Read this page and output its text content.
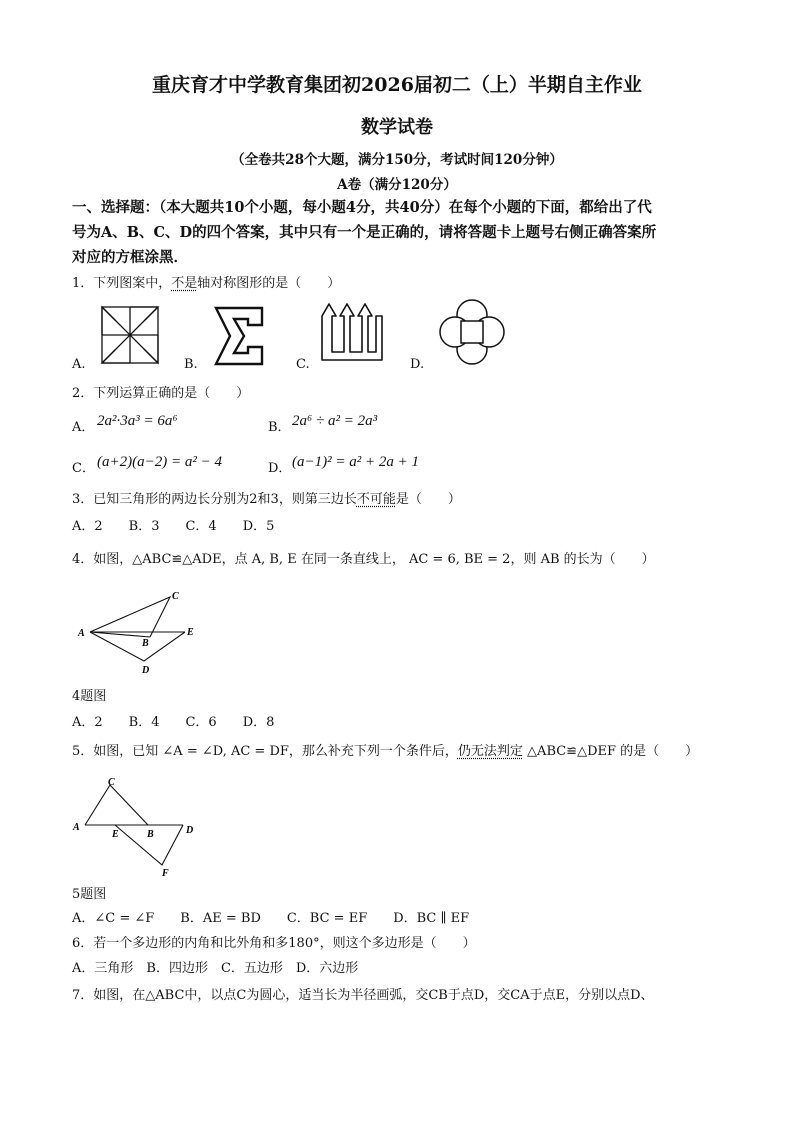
重庆育才中学教育集团初2026届初二（上）半期自主作业
数学试卷
（全卷共28个大题，满分150分，考试时间120分钟）
A卷（满分120分）
一、选择题：（本大题共10个小题，每小题4分，共40分）在每个小题的下面，都给出了代
号为A、B、C、D的四个答案，其中只有一个是正确的，请将答题卡上题号右侧正确答案所
对应的方框涂黑．
1．下列图案中，不是轴对称图形的是（　　）
A.	B.	C.	D.
2．下列运算正确的是（　　）
A． 2a²·3a³ = 6a⁶	B． 2a⁶ ÷ a² = 2a³
C． (a+2)(a−2) = a² − 4	D． (a−1)² = a² + 2a + 1
3．已知三角形的两边长分别为2和3，则第三边长不可能是（　　）
A．2　　B．3　　C．4　　D．5
4．如图，△ABC≌△ADE，点 A, B, E 在同一条直线上， AC = 6, BE = 2，则 AB 的长为（　　）
A
C
B
E
D
4题图
A．2　　B．4　　C．6　　D．8
5．如图，已知 ∠A = ∠D, AC = DF，那么补充下列一个条件后，仍无法判定 △ABC≌△DEF 的是（　　）
A
C
E	B	D
F
5题图
A．∠C = ∠F　　B．AE = BD　　C．BC = EF　　D．BC ∥ EF
6．若一个多边形的内角和比外角和多180°，则这个多边形是（　　）
A．三角形　B．四边形　C．五边形　D．六边形
7．如图，在△ABC中，以点C为圆心，适当长为半径画弧，交CB于点D，交CA于点E，分别以点D、
